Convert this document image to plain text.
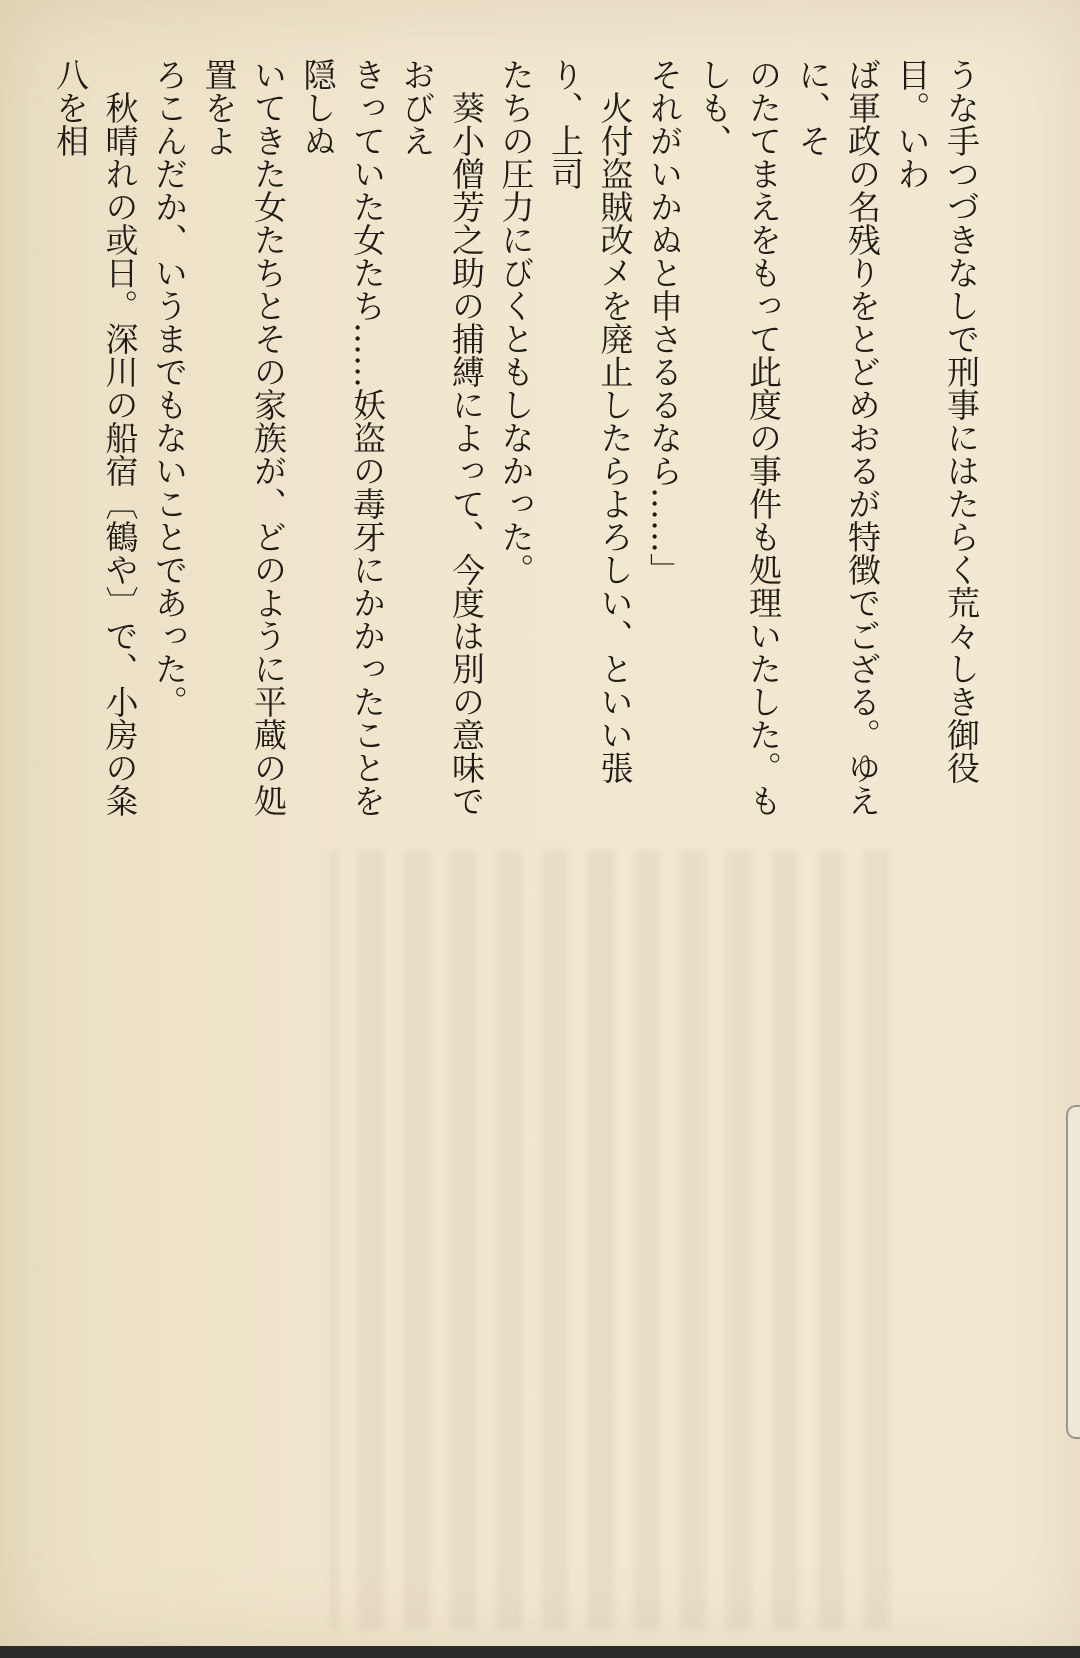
うな手つづきなしで刑事にはたらく荒々しき御役目。いわ

ば軍政の名残りをとどめおるが特徴でござる。ゆえに、そ

のたてまえをもって此度の事件も処理いたした。もしも、

それがいかぬと申さるるなら……」

　火付盗賊改メを廃止したらよろしい、といい張り、上司

たちの圧力にびくともしなかった。

　葵小僧芳之助の捕縛によって、今度は別の意味でおびえ

きっていた女たち……妖盗の毒牙にかかったことを隠しぬ

いてきた女たちとその家族が、どのように平蔵の処置をよ

ろこんだか、いうまでもないことであった。

　秋晴れの或日。深川の船宿〔鶴や〕で、小房の粂八を相
